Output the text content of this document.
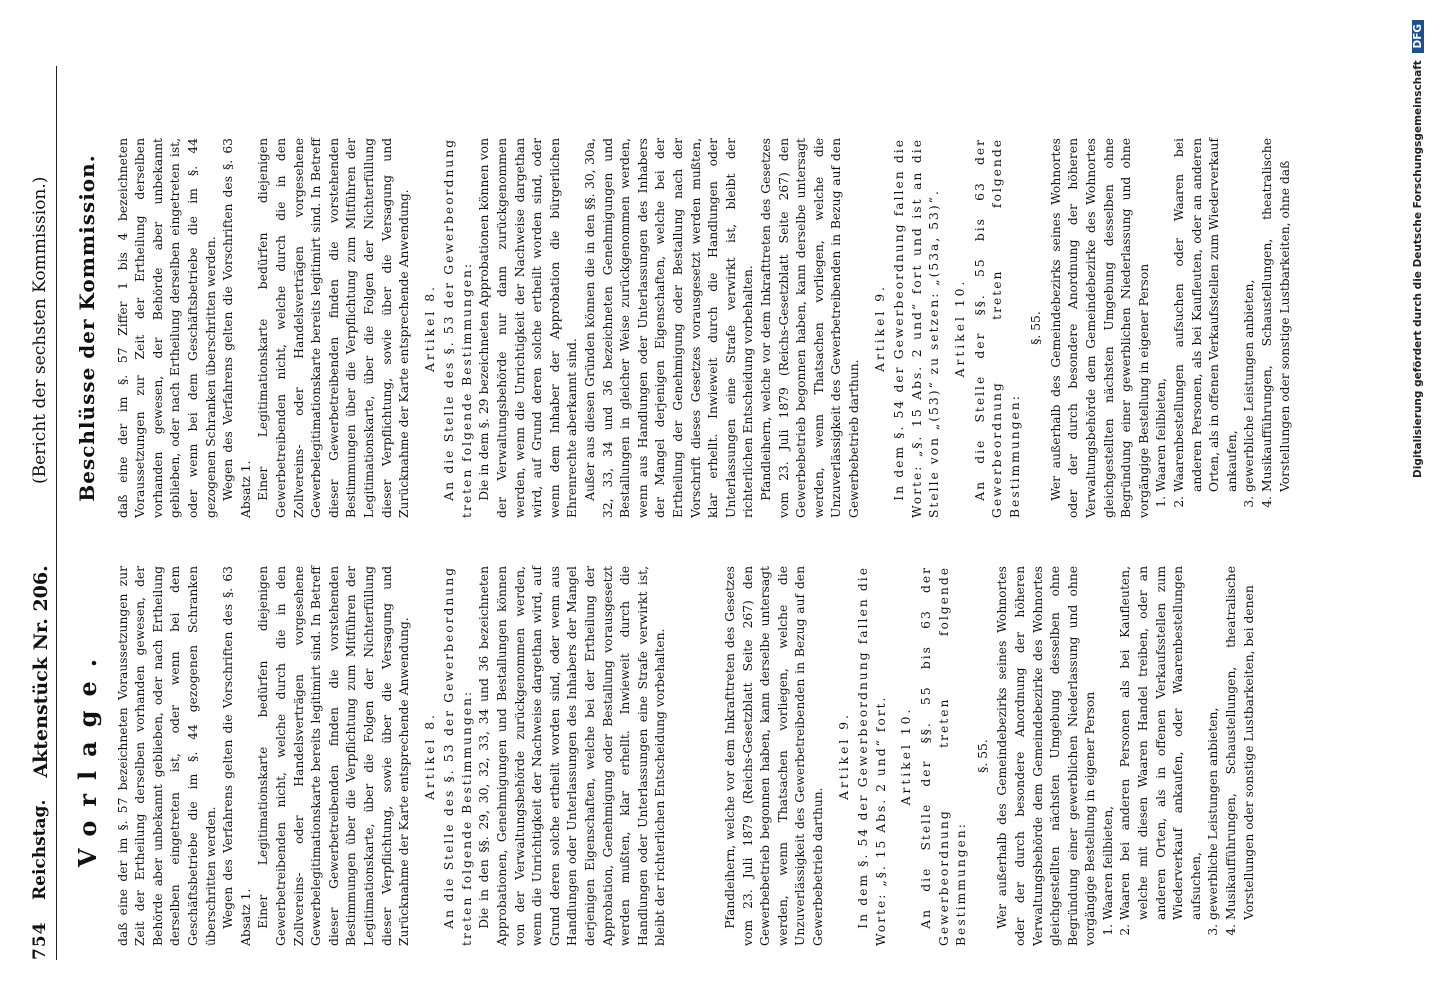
754
Reichstag.
Aktenstück Nr. 206.
(Bericht der sechsten Kommission.)
Vorlage. daß eine der im §. 57 bezeichneten Voraussetzungen zur Zeit der Ertheilung derselben vorhanden gewesen, der Behörde aber unbekannt geblieben, oder nach Ertheilung derselben eingetreten ist, oder wenn bei dem Geschäftsbetriebe die im §. 44 gezogenen Schranken überschritten werden. Wegen des Verfahrens gelten die Vorschriften des §. 63 Absatz 1. Einer Legitimationskarte bedürfen diejenigen Gewerbetreibenden nicht, welche durch die in den Zollvereins- oder Handelsverträgen vorgesehene Gewerbelegitimationskarte bereits legitimirt sind. In Betreff dieser Gewerbetreibenden finden die vorstehenden Bestimmungen über die Verpflichtung zum Mitführen der Legitimationskarte, über die Folgen der Nichterfüllung dieser Verpflichtung, sowie über die Versagung und Zurücknahme der Karte entsprechende Anwendung. Artikel 8. An die Stelle des §. 53 der Gewerbeordnung treten folgende Bestimmungen: Die in den §§. 29, 30, 32, 33, 34 und 36 bezeichneten Approbationen, Genehmigungen und Bestallungen können von der Verwaltungsbehörde zurückgenommen werden, wenn die Unrichtigkeit der Nachweise dargethan wird, auf Grund deren solche ertheilt worden sind, oder wenn aus Handlungen oder Unterlassungen des Inhabers der Mangel derjenigen Eigenschaften, welche bei der Ertheilung der Approbation, Genehmigung oder Bestallung vorausgesetzt werden mußten, klar erhellt. Inwieweit durch die Handlungen oder Unterlassungen eine Strafe verwirkt ist, bleibt der richterlichen Entscheidung vorbehalten.	Pfandleihern, welche vor dem Inkrafttreten des Gesetzes vom 23. Juli 1879 (Reichs-Gesetzblatt Seite 267) den Gewerbebetrieb begonnen haben, kann derselbe untersagt werden, wenn Thatsachen vorliegen, welche die Unzuverlässigkeit des Gewerbetreibenden in Bezug auf den Gewerbebetrieb darthun.

Artikel 9. In dem §. 54 der Gewerbeordnung fallen die Worte: „§. 15 Abs. 2 und“ fort. Artikel 10. An die Stelle der §§. 55 bis 63 der Gewerbeordnung treten folgende Bestimmungen:

§. 55. Wer außerhalb des Gemeindebezirks seines Wohnortes oder der durch besondere Anordnung der höheren Verwaltungsbehörde dem Gemeindebezirke des Wohnortes gleichgestellten nächsten Umgebung desselben ohne Begründung einer gewerblichen Niederlassung und ohne vorgängige Bestellung in eigener Person 1. Waaren feilbieten, 2. Waaren bei anderen Personen als bei Kaufleuten, welche mit diesen Waaren Handel treiben, oder an anderen Orten, als in offenen Verkaufsstellen zum Wiederverkauf ankaufen, oder Waarenbestellungen aufsuchen, 3. gewerbliche Leistungen anbieten, 4. Musikaufführungen, Schaustellungen, theatralische Vorstellungen oder sonstige Lustbarkeiten, bei denen
Beschlüsse der Kommission. daß eine der im §. 57 Ziffer 1 bis 4 bezeichneten Voraussetzungen zur Zeit der Ertheilung derselben vorhanden gewesen, der Behörde aber unbekannt geblieben, oder nach Ertheilung derselben eingetreten ist, oder wenn bei dem Geschäftsbetriebe die im §. 44 gezogenen Schranken überschritten werden. Wegen des Verfahrens gelten die Vorschriften des §. 63 Absatz 1. Einer Legitimationskarte bedürfen diejenigen Gewerbetreibenden nicht, welche durch die in den Zollvereins- oder Handelsverträgen vorgesehene Gewerbelegitimationskarte bereits legitimirt sind. In Betreff dieser Gewerbetreibenden finden die vorstehenden Bestimmungen über die Verpflichtung zum Mitführen der Legitimationskarte, über die Folgen der Nichterfüllung dieser Verpflichtung, sowie über die Versagung und Zurücknahme der Karte entsprechende Anwendung. Artikel 8. An die Stelle des §. 53 der Gewerbeordnung treten folgende Bestimmungen: Die in dem §. 29 bezeichneten Approbationen können von der Verwaltungsbehörde nur dann zurückgenommen werden, wenn die Unrichtigkeit der Nachweise dargethan wird, auf Grund deren solche ertheilt worden sind, oder wenn dem Inhaber der Approbation die bürgerlichen Ehrenrechte aberkannt sind. Außer aus diesen Gründen können die in den §§. 30, 30a, 32, 33, 34 und 36 bezeichneten Genehmigungen und Bestallungen in gleicher Weise zurückgenommen werden, wenn aus Handlungen oder Unterlassungen des Inhabers der Mangel derjenigen Eigenschaften, welche bei der Ertheilung der Genehmigung oder Bestallung nach der Vorschrift dieses Gesetzes vorausgesetzt werden mußten, klar erhellt. Inwieweit durch die Handlungen oder Unterlassungen eine Strafe verwirkt ist, bleibt der richterlichen Entscheidung vorbehalten. Pfandleihern, welche vor dem Inkrafttreten des Gesetzes vom 23. Juli 1879 (Reichs-Gesetzblatt Seite 267) den Gewerbebetrieb begonnen haben, kann derselbe untersagt werden, wenn Thatsachen vorliegen, welche die Unzuverlässigkeit des Gewerbetreibenden in Bezug auf den Gewerbebetrieb darthun.

Artikel 9. In dem §. 54 der Gewerbeordnung fallen die Worte: „§. 15 Abs. 2 und“ fort und ist an die Stelle von „(53)“ zu setzen: „(53a, 53)“. Artikel 10. An die Stelle der §§. 55 bis 63 der Gewerbeordnung treten folgende Bestimmungen:

§. 55. Wer außerhalb des Gemeindebezirks seines Wohnortes oder der durch besondere Anordnung der höheren Verwaltungsbehörde dem Gemeindebezirke des Wohnortes gleichgestellten nächsten Umgebung desselben ohne Begründung einer gewerblichen Niederlassung und ohne vorgängige Bestellung in eigener Person 1. Waaren feilbieten, 2. Waarenbestellungen aufsuchen oder Waaren bei anderen Personen, als bei Kaufleuten, oder an anderen Orten, als in offenen Verkaufsstellen zum Wiederverkauf ankaufen, 3. gewerbliche Leistungen anbieten, 4. Musikaufführungen, Schaustellungen, theatralische Vorstellungen oder sonstige Lustbarkeiten, ohne daß	Digitalisierung gefördert durch die Deutsche Forschungsgemeinschaft DFG
